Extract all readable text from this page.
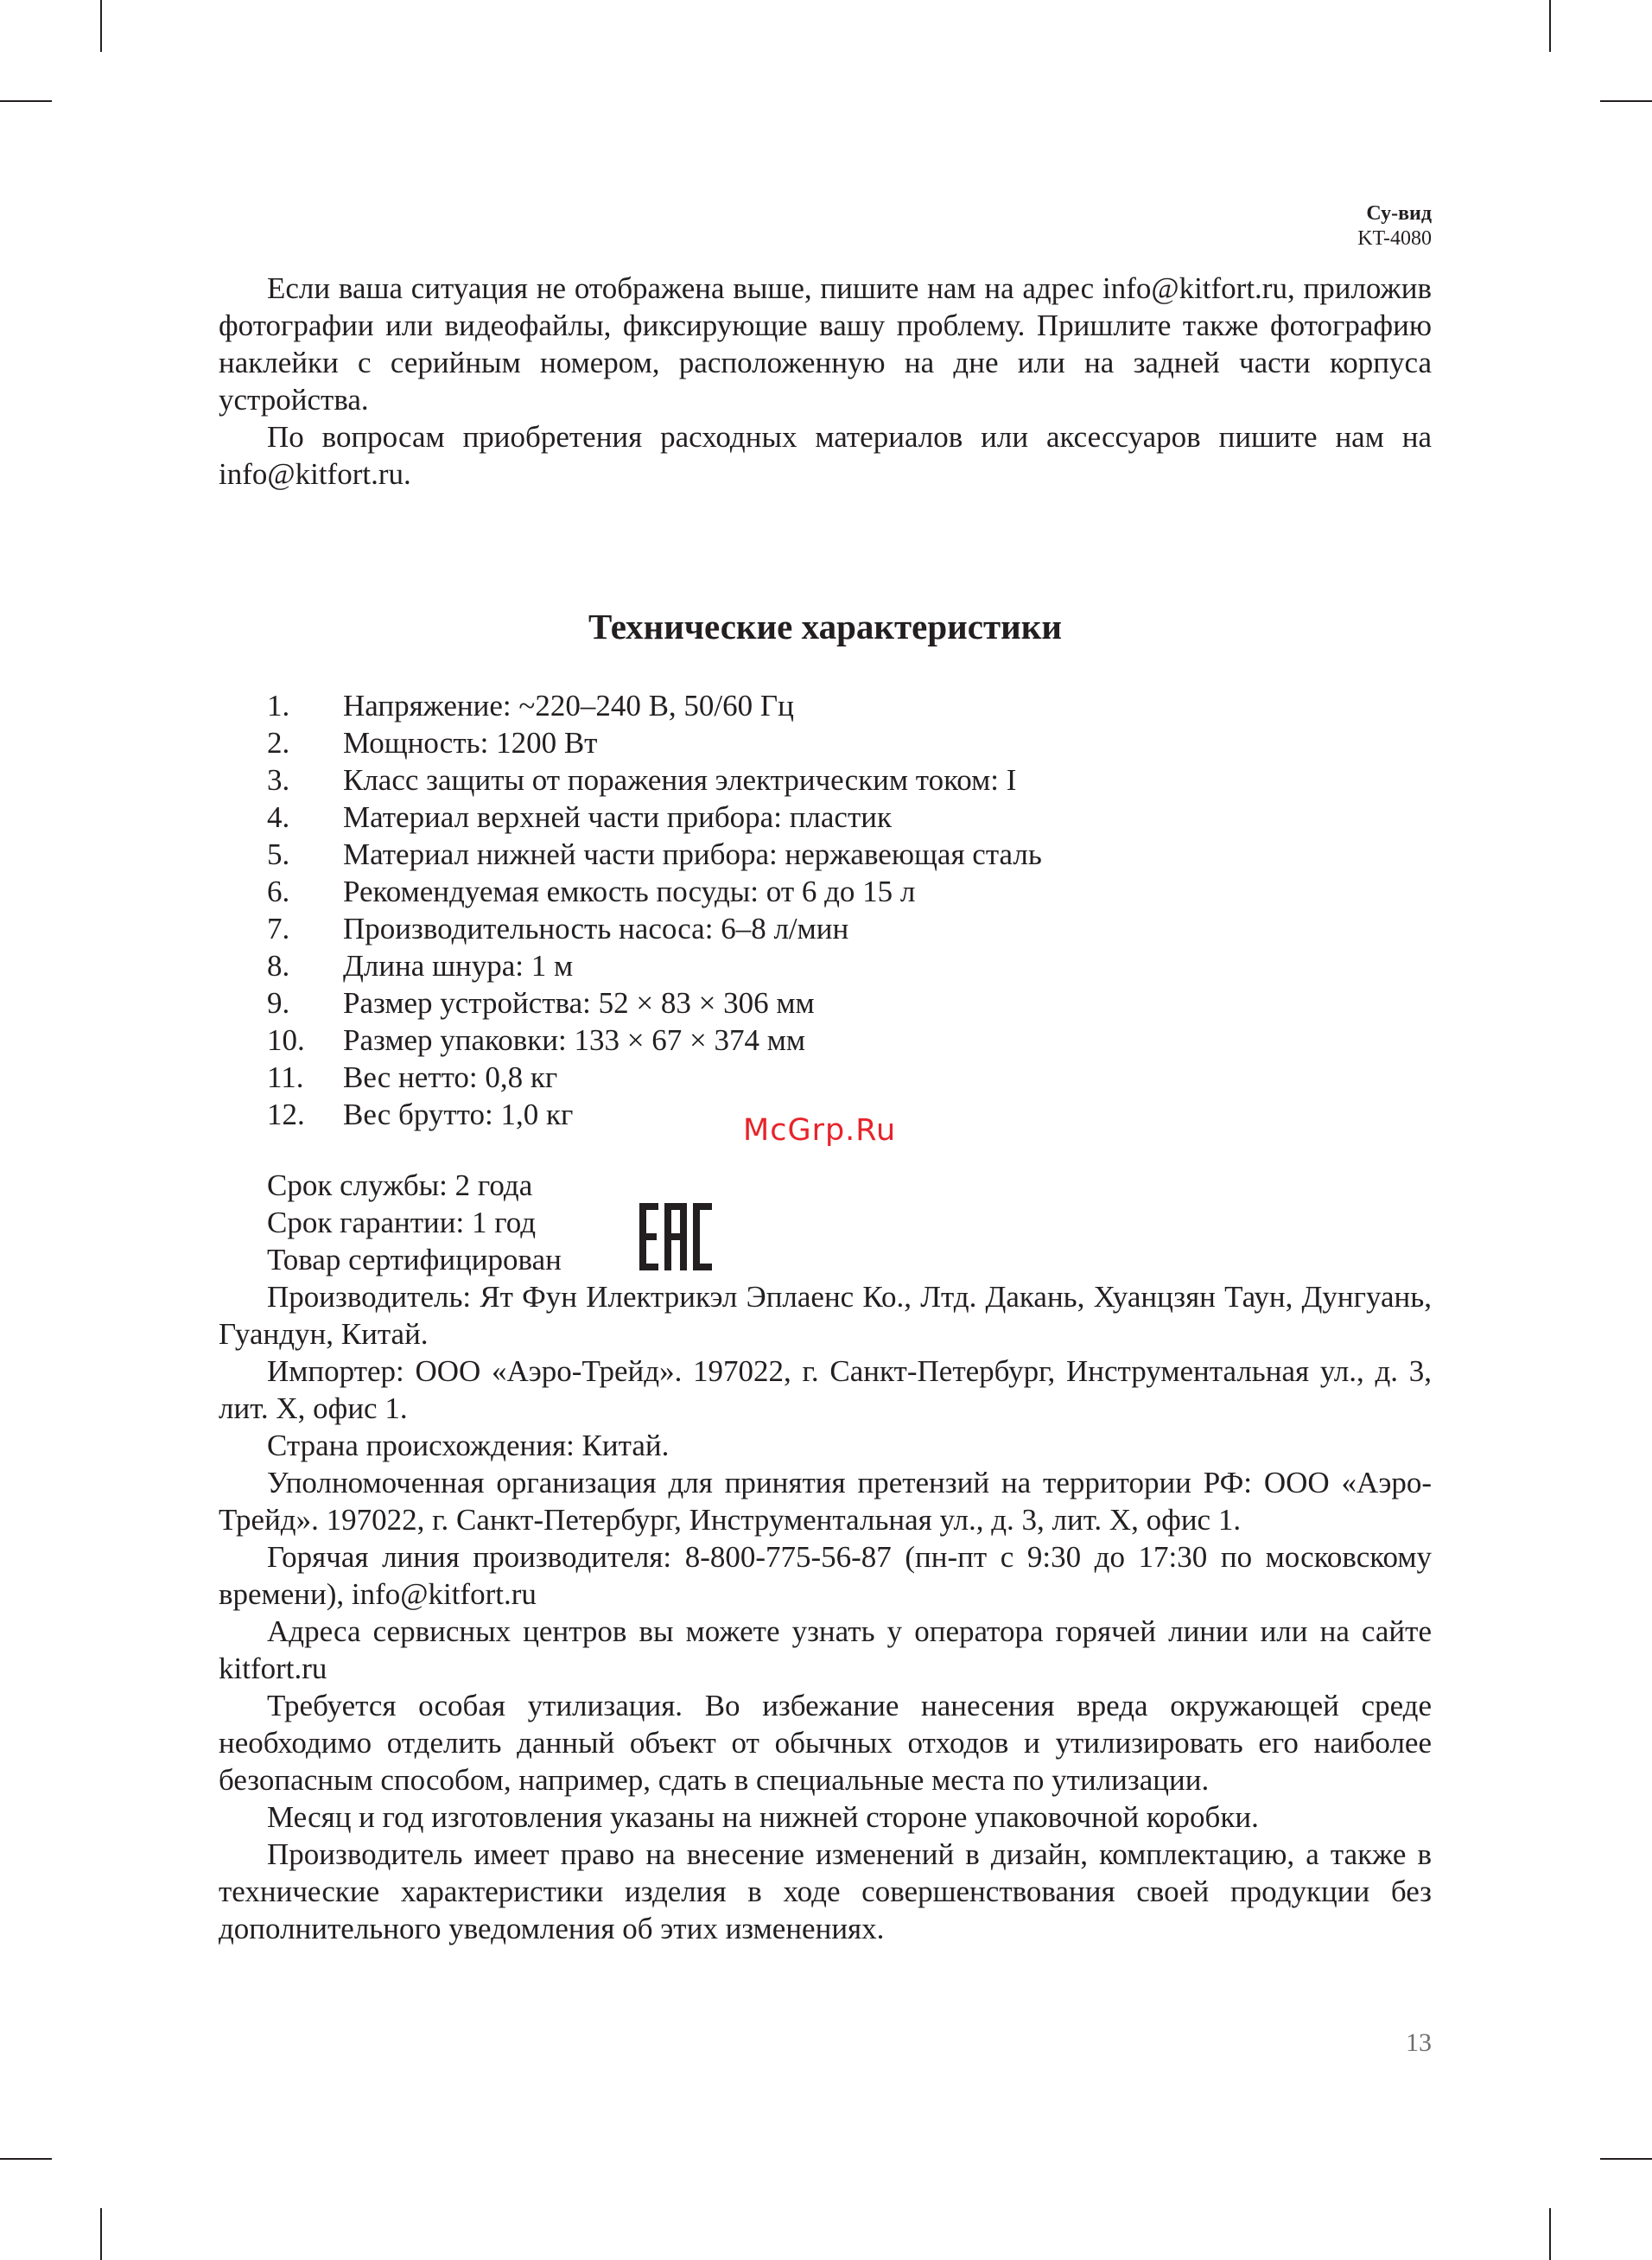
Су-вид
KT-4080

Если ваша ситуация не отображена выше, пишите нам на адрес info@kitfort.ru, приложив фотографии или видеофайлы, фиксирующие вашу проблему. Пришлите также фотографию наклейки с серийным номером, расположенную на дне или на задней части корпуса устройства.

По вопросам приобретения расходных материалов или аксессуаров пишите нам на info@kitfort.ru.

Технические характеристики
1.	Напряжение: ~220–240 В, 50/60 Гц
2.	Мощность: 1200 Вт
3.	Класс защиты от поражения электрическим током: I
4.	Материал верхней части прибора: пластик
5.	Материал нижней части прибора: нержавеющая сталь
6.	Рекомендуемая емкость посуды: от 6 до 15 л
7.	Производительность насоса: 6–8 л/мин
8.	Длина шнура: 1 м
9.	Размер устройства: 52 × 83 × 306 мм
10.	Размер упаковки: 133 × 67 × 374 мм
11.	Вес нетто: 0,8 кг
12.	Вес брутто: 1,0 кг	McGrp.Ru
Срок службы: 2 года
Срок гарантии: 1 год
Товар сертифицирован

Производитель: Ят Фун Илектрикэл Эплаенс Ко., Лтд. Дакань, Хуанцзян Таун, Дунгуань, Гуандун, Китай.

Импортер: ООО «Аэро-Трейд». 197022, г. Санкт-Петербург, Инструментальная ул., д. 3, лит. Х, офис 1.

Страна происхождения: Китай.

Уполномоченная организация для принятия претензий на территории РФ: ООО «Аэро-Трейд». 197022, г. Санкт-Петербург, Инструментальная ул., д. 3, лит. Х, офис 1.

Горячая линия производителя: 8-800-775-56-87 (пн-пт с 9:30 до 17:30 по московскому времени), info@kitfort.ru

Адреса сервисных центров вы можете узнать у оператора горячей линии или на сайте kitfort.ru

Требуется особая утилизация. Во избежание нанесения вреда окружающей среде необходимо отделить данный объект от обычных отходов и утилизировать его наиболее безопасным способом, например, сдать в специальные места по утилизации.

Месяц и год изготовления указаны на нижней стороне упаковочной коробки.

Производитель имеет право на внесение изменений в дизайн, комплектацию, а также в технические характеристики изделия в ходе совершенствования своей продукции без дополнительного уведомления об этих изменениях.

13
